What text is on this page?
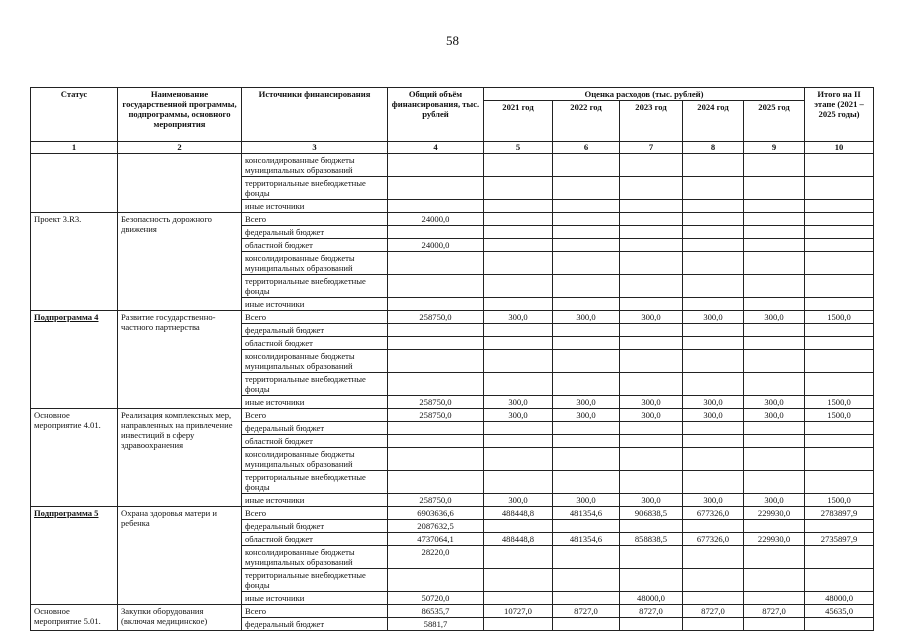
58
Статус	Наименование государственной программы, подпрограммы, основного мероприятия	Источники финансирования	Общий объём финансирования, тыс. рублей	Оценка расходов (тыс. рублей)					Итого на II этапе (2021 – 2025 годы)
				2021 год	2022 год	2023 год	2024 год	2025 год	
1	2	3	4	5	6	7	8	9	10
		консолидированные бюджеты муниципальных образований							
		территориальные внебюджетные фонды							
		иные источники							
Проект 3.R3.	Безопасность дорожного движения	Всего	24000,0						
		федеральный бюджет							
		областной бюджет	24000,0						
		консолидированные бюджеты муниципальных образований							
		территориальные внебюджетные фонды							
		иные источники							
Подпрограмма 4	Развитие государственно-частного партнерства	Всего	258750,0	300,0	300,0	300,0	300,0	300,0	1500,0
		федеральный бюджет							
		областной бюджет							
		консолидированные бюджеты муниципальных образований							
		территориальные внебюджетные фонды							
		иные источники	258750,0	300,0	300,0	300,0	300,0	300,0	1500,0
Основное мероприятие 4.01.	Реализация комплексных мер, направленных на привлечение инвестиций в сферу здравоохранения	Всего	258750,0	300,0	300,0	300,0	300,0	300,0	1500,0
		федеральный бюджет							
		областной бюджет							
		консолидированные бюджеты муниципальных образований							
		территориальные внебюджетные фонды							
		иные источники	258750,0	300,0	300,0	300,0	300,0	300,0	1500,0
Подпрограмма 5	Охрана здоровья матери и ребенка	Всего	6903636,6	488448,8	481354,6	906838,5	677326,0	229930,0	2783897,9
		федеральный бюджет	2087632,5						
		областной бюджет	4737064,1	488448,8	481354,6	858838,5	677326,0	229930,0	2735897,9
		консолидированные бюджеты муниципальных образований	28220,0						
		территориальные внебюджетные фонды							
		иные источники	50720,0			48000,0			48000,0
Основное мероприятие 5.01.	Закупки оборудования (включая медицинское)	Всего	86535,7	10727,0	8727,0	8727,0	8727,0	8727,0	45635,0
		федеральный бюджет	5881,7						
